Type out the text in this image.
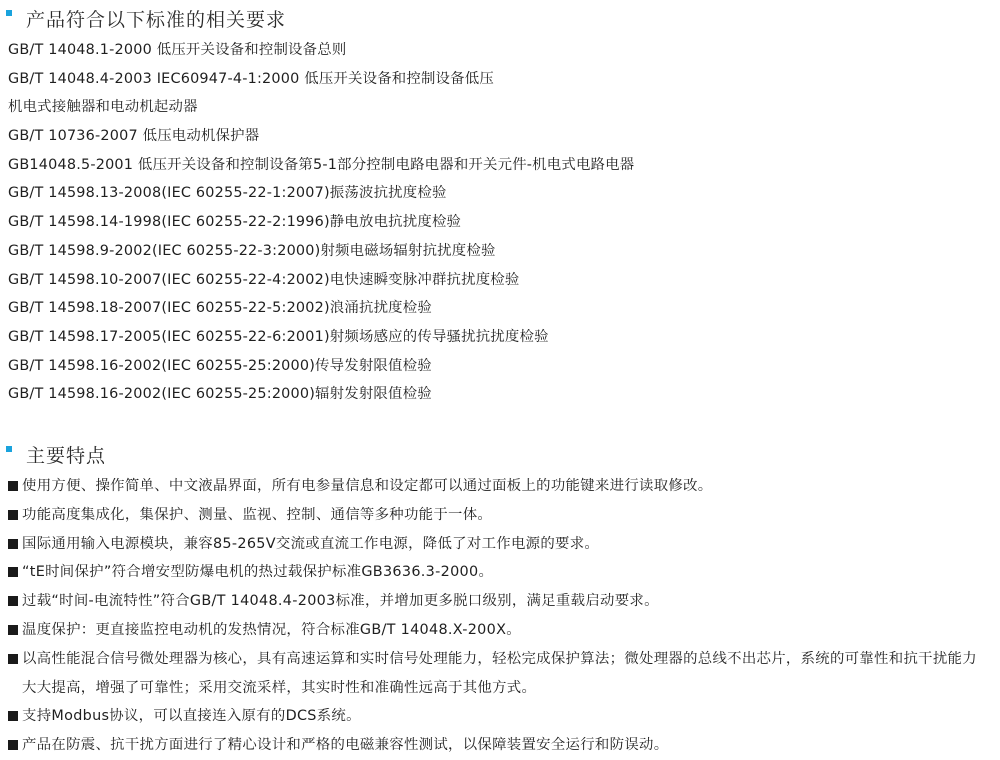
产品符合以下标准的相关要求
GB/T 14048.1-2000 低压开关设备和控制设备总则
GB/T 14048.4-2003 IEC60947-4-1:2000 低压开关设备和控制设备低压
机电式接触器和电动机起动器
GB/T 10736-2007 低压电动机保护器
GB14048.5-2001 低压开关设备和控制设备第5-1部分控制电路电器和开关元件-机电式电路电器
GB/T 14598.13-2008(IEC 60255-22-1:2007)振荡波抗扰度检验
GB/T 14598.14-1998(IEC 60255-22-2:1996)静电放电抗扰度检验
GB/T 14598.9-2002(IEC 60255-22-3:2000)射频电磁场辐射抗扰度检验
GB/T 14598.10-2007(IEC 60255-22-4:2002)电快速瞬变脉冲群抗扰度检验
GB/T 14598.18-2007(IEC 60255-22-5:2002)浪涌抗扰度检验
GB/T 14598.17-2005(IEC 60255-22-6:2001)射频场感应的传导骚扰抗扰度检验
GB/T 14598.16-2002(IEC 60255-25:2000)传导发射限值检验
GB/T 14598.16-2002(IEC 60255-25:2000)辐射发射限值检验
主要特点
使用方便、操作简单、中文液晶界面，所有电参量信息和设定都可以通过面板上的功能键来进行读取修改。
功能高度集成化，集保护、测量、监视、控制、通信等多种功能于一体。
国际通用输入电源模块，兼容85-265V交流或直流工作电源，降低了对工作电源的要求。
“tE时间保护”符合增安型防爆电机的热过载保护标准GB3636.3-2000。
过载“时间-电流特性”符合GB/T 14048.4-2003标准，并增加更多脱口级别，满足重载启动要求。
温度保护：更直接监控电动机的发热情况，符合标准GB/T 14048.X-200X。
以高性能混合信号微处理器为核心，具有高速运算和实时信号处理能力，轻松完成保护算法；微处理器的总线不出芯片，系统的可靠性和抗干扰能力大大提高，增强了可靠性；采用交流采样，其实时性和准确性远高于其他方式。
支持Modbus协议，可以直接连入原有的DCS系统。
产品在防震、抗干扰方面进行了精心设计和严格的电磁兼容性测试，以保障装置安全运行和防误动。
